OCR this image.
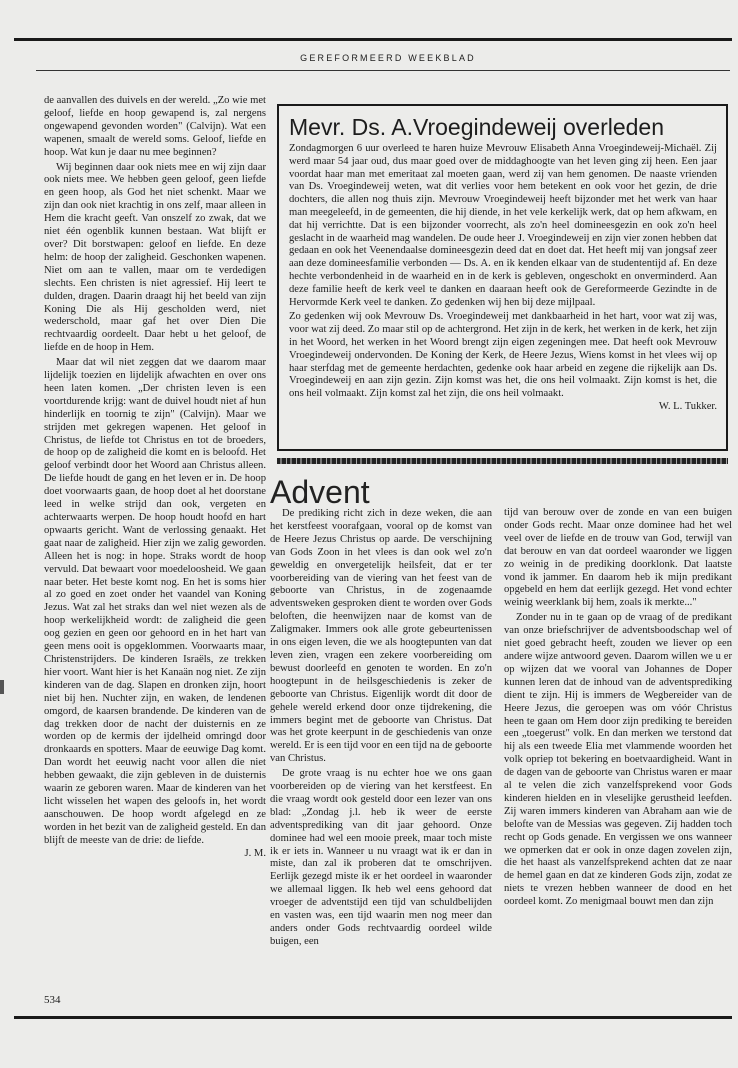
GEREFORMEERD WEEKBLAD

de aanvallen des duivels en der wereld. „Zo wie met geloof, liefde en hoop gewapend is, zal nergens ongewapend gevonden worden" (Calvijn). Wat een wapenen, smaalt de wereld soms. Geloof, liefde en hoop. Wat kun je daar nu mee beginnen?

Wij beginnen daar ook niets mee en wij zijn daar ook niets mee. We hebben geen geloof, geen liefde en geen hoop, als God het niet schenkt. Maar we zijn dan ook niet krachtig in ons zelf, maar alleen in Hem die kracht geeft. Van onszelf zo zwak, dat we niet één ogenblik kunnen bestaan. Wat blijft er over? Dit borstwapen: geloof en liefde. En deze helm: de hoop der zaligheid. Geschonken wapenen. Niet om aan te vallen, maar om te verdedigen slechts. Een christen is niet agressief. Hij leert te dulden, dragen. Daarin draagt hij het beeld van zijn Koning Die als Hij gescholden werd, niet wederschold, maar gaf het over Dien Die rechtvaardig oordeelt. Daar hebt u het geloof, de liefde en de hoop in Hem.

Maar dat wil niet zeggen dat we daarom maar lijdelijk toezien en lijdelijk afwachten en over ons heen laten komen. „Der christen leven is een voortdurende krijg: want de duivel houdt niet af hun hinderlijk en toornig te zijn" (Calvijn). Maar we strijden met gekregen wapenen. Het geloof in Christus, de liefde tot Christus en tot de broeders, de hoop op de zaligheid die komt en is beloofd. Het geloof verbindt door het Woord aan Christus alleen. De liefde houdt de gang en het leven er in. De hoop doet voorwaarts gaan, de hoop doet al het doorstane leed in welke strijd dan ook, vergeten en achterwaarts werpen. De hoop houdt hoofd en hart opwaarts gericht. Want de verlossing genaakt. Het gaat naar de zaligheid. Hier zijn we zalig geworden. Alleen het is nog: in hope. Straks wordt de hoop vervuld. Dat bewaart voor moedeloosheid. We gaan naar beter. Het beste komt nog. En het is soms hier al zo goed en zoet onder het vaandel van Koning Jezus. Wat zal het straks dan wel niet wezen als de hoop werkelijkheid wordt: de zaligheid die geen oog gezien en geen oor gehoord en in het hart van geen mens ooit is opgeklommen. Voorwaarts maar, Christenstrijders. De kinderen Israëls, ze trekken hier voort. Want hier is het Kanaän nog niet. Ze zijn kinderen van de dag. Slapen en dronken zijn, hoort niet bij hen. Nuchter zijn, en waken, de lendenen omgord, de kaarsen brandende. De kinderen van de dag trekken door de nacht der duisternis en ze worden op de kermis der ijdelheid omringd door dronkaards en spotters. Maar de eeuwige Dag komt. Dan wordt het eeuwig nacht voor allen die niet hebben gewaakt, die zijn gebleven in de duisternis waarin ze geboren waren. Maar de kinderen van het licht wisselen het wapen des geloofs in, het wordt aanschouwen. De hoop wordt afgelegd en ze worden in het bezit van de zaligheid gesteld. En dan blijft de meeste van de drie: de liefde.

J. M.
Mevr. Ds. A.Vroegindeweij overleden

Zondagmorgen 6 uur overleed te haren huize Mevrouw Elisabeth Anna Vroegindeweij-Michaël. Zij werd maar 54 jaar oud, dus maar goed over de middaghoogte van het leven ging zij heen. Een jaar voordat haar man met emeritaat zal moeten gaan, werd zij van hem genomen. De naaste vrienden van Ds. Vroegindeweij weten, wat dit verlies voor hem betekent en ook voor het gezin, de drie dochters, die allen nog thuis zijn. Mevrouw Vroegindeweij heeft bijzonder met het werk van haar man meegeleefd, in de gemeenten, die hij diende, in het vele kerkelijk werk, dat op hem afkwam, en dat hij verrichtte. Dat is een bijzonder voorrecht, als zo'n heel domineesgezin en ook zo'n heel geslacht in de waarheid mag wandelen. De oude heer J. Vroegindeweij en zijn vier zonen hebben dat gedaan en ook het Veenendaalse domineesgezin deed dat en doet dat. Het heeft mij van jongsaf zeer aan deze domineesfamilie verbonden — Ds. A. en ik kenden elkaar van de studententijd af. En deze hechte verbondenheid in de waarheid en in de kerk is gebleven, ongeschokt en onverminderd. Aan deze familie heeft de kerk veel te danken en daaraan heeft ook de Gereformeerde Gezindte in de Hervormde Kerk veel te danken. Zo gedenken wij hen bij deze mijlpaal.

Zo gedenken wij ook Mevrouw Ds. Vroegindeweij met dankbaarheid in het hart, voor wat zij was, voor wat zij deed. Zo maar stil op de achtergrond. Het zijn in de kerk, het werken in de kerk, het zijn in het Woord, het werken in het Woord brengt zijn eigen zegeningen mee. Dat heeft ook Mevrouw Vroegindeweij ondervonden. De Koning der Kerk, de Heere Jezus, Wiens komst in het vlees wij op haar sterfdag met de gemeente herdachten, gedenke ook haar arbeid en zegene die rijkelijk aan Ds. Vroegindeweij en aan zijn gezin. Zijn komst was het, die ons heil volmaakt. Zijn komst is het, die ons heil volmaakt. Zijn komst zal het zijn, die ons heil volmaakt.

W. L. Tukker.
Advent

De prediking richt zich in deze weken, die aan het kerstfeest voorafgaan, vooral op de komst van de Heere Jezus Christus op aarde. De verschijning van Gods Zoon in het vlees is dan ook wel zo'n geweldig en onvergetelijk heilsfeit, dat er ter voorbereiding van de viering van het feest van de geboorte van Christus, in de zogenaamde adventsweken gesproken dient te worden over Gods beloften, die heenwijzen naar de komst van de Zaligmaker. Immers ook alle grote gebeurtenissen in ons eigen leven, die we als hoogtepunten van dat leven zien, vragen een zekere voorbereiding om bewust doorleefd en genoten te worden. En zo'n hoogtepunt in de heilsgeschiedenis is zeker de geboorte van Christus. Eigenlijk wordt dit door de gehele wereld erkend door onze tijdrekening, die immers begint met de geboorte van Christus. Dat was het grote keerpunt in de geschiedenis van onze wereld. Er is een tijd voor en een tijd na de geboorte van Christus.

De grote vraag is nu echter hoe we ons gaan voorbereiden op de viering van het kerstfeest. En die vraag wordt ook gesteld door een lezer van ons blad: „Zondag j.l. heb ik weer de eerste adventsprediking van dit jaar gehoord. Onze dominee had wel een mooie preek, maar toch miste ik er iets in. Wanneer u nu vraagt wat ik er dan in miste, dan zal ik proberen dat te omschrijven. Eerlijk gezegd miste ik er het oordeel in waaronder we allemaal liggen. Ik heb wel eens gehoord dat vroeger de adventstijd een tijd van schuldbelijden en vasten was, een tijd waarin men nog meer dan anders onder Gods rechtvaardig oordeel wilde buigen, een

tijd van berouw over de zonde en van een buigen onder Gods recht. Maar onze dominee had het wel veel over de liefde en de trouw van God, terwijl van dat berouw en van dat oordeel waaronder we liggen zo weinig in de prediking doorklonk. Dat laatste vond ik jammer. En daarom heb ik mijn predikant opgebeld en hem dat eerlijk gezegd. Het vond echter weinig weerklank bij hem, zoals ik merkte..."

Zonder nu in te gaan op de vraag of de predikant van onze briefschrijver de adventsboodschap wel of niet goed gebracht heeft, zouden we liever op een andere wijze antwoord geven. Daarom willen we u er op wijzen dat we vooral van Johannes de Doper kunnen leren dat de inhoud van de adventsprediking dient te zijn. Hij is immers de Wegbereider van de Heere Jezus, die geroepen was om vóór Christus heen te gaan om Hem door zijn prediking te bereiden een „toegerust" volk. En dan merken we terstond dat hij als een tweede Elia met vlammende woorden het volk opriep tot bekering en boetvaardigheid. Want in de dagen van de geboorte van Christus waren er maar al te velen die zich vanzelfsprekend voor Gods kinderen hielden en in vleselijke gerustheid leefden. Zij waren immers kinderen van Abraham aan wie de belofte van de Messias was gegeven. Zij hadden toch recht op Gods genade. En vergissen we ons wanneer we opmerken dat er ook in onze dagen zovelen zijn, die het haast als vanzelfsprekend achten dat ze naar de hemel gaan en dat ze kinderen Gods zijn, zodat ze niets te vrezen hebben wanneer de dood en het oordeel komt. Zo menigmaal bouwt men dan zijn

534
